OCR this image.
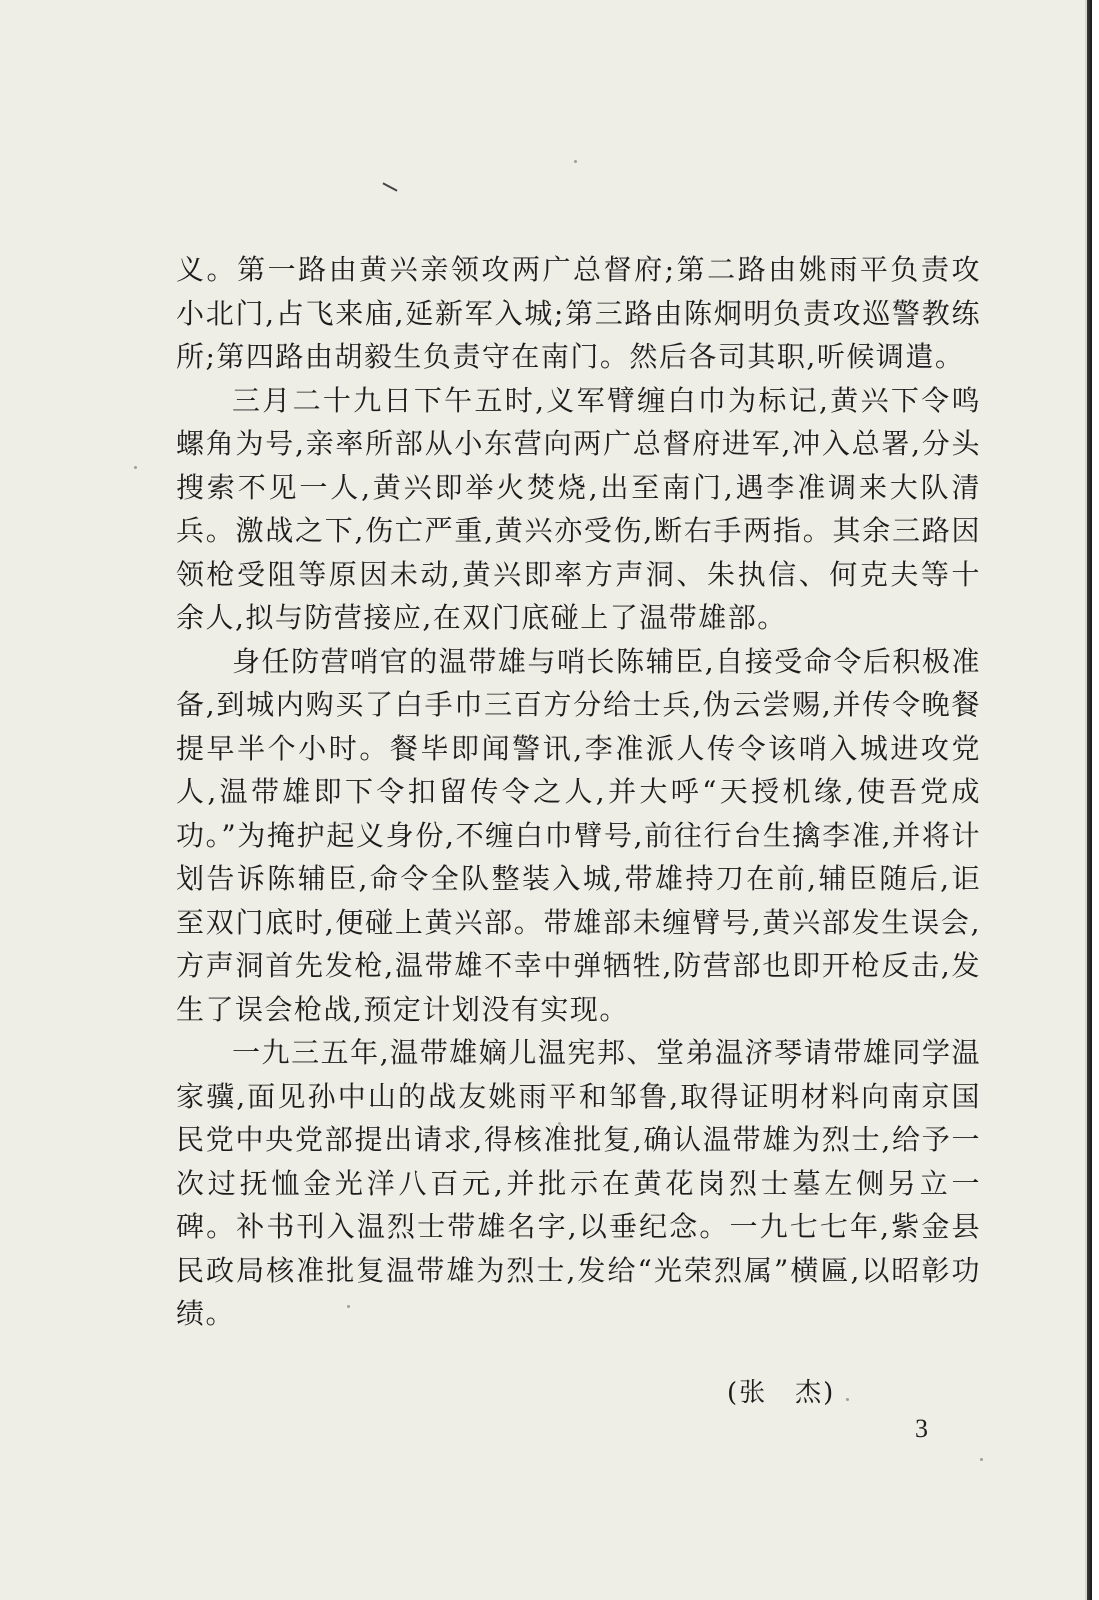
义。第一路由黄兴亲领攻两广总督府;第二路由姚雨平负责攻小北门,占飞来庙,延新军入城;第三路由陈炯明负责攻巡警教练所;第四路由胡毅生负责守在南门。然后各司其职,听候调遣。

三月二十九日下午五时,义军臂缠白巾为标记,黄兴下令鸣螺角为号,亲率所部从小东营向两广总督府进军,冲入总署,分头搜索不见一人,黄兴即举火焚烧,出至南门,遇李准调来大队清兵。激战之下,伤亡严重,黄兴亦受伤,断右手两指。其余三路因领枪受阻等原因未动,黄兴即率方声洞、朱执信、何克夫等十余人,拟与防营接应,在双门底碰上了温带雄部。

身任防营哨官的温带雄与哨长陈辅臣,自接受命令后积极准备,到城内购买了白手巾三百方分给士兵,伪云尝赐,并传令晚餐提早半个小时。餐毕即闻警讯,李准派人传令该哨入城进攻党人,温带雄即下令扣留传令之人,并大呼“天授机缘,使吾党成功。”为掩护起义身份,不缠白巾臂号,前往行台生擒李准,并将计划告诉陈辅臣,命令全队整装入城,带雄持刀在前,辅臣随后,讵至双门底时,便碰上黄兴部。带雄部未缠臂号,黄兴部发生误会,方声洞首先发枪,温带雄不幸中弹牺牲,防营部也即开枪反击,发生了误会枪战,预定计划没有实现。

一九三五年,温带雄嫡儿温宪邦、堂弟温济琴请带雄同学温家骥,面见孙中山的战友姚雨平和邹鲁,取得证明材料向南京国民党中央党部提出请求,得核准批复,确认温带雄为烈士,给予一次过抚恤金光洋八百元,并批示在黄花岗烈士墓左侧另立一碑。补书刊入温烈士带雄名字,以垂纪念。一九七七年,紫金县民政局核准批复温带雄为烈士,发给“光荣烈属”横匾,以昭彰功绩。

(张　杰)
3
